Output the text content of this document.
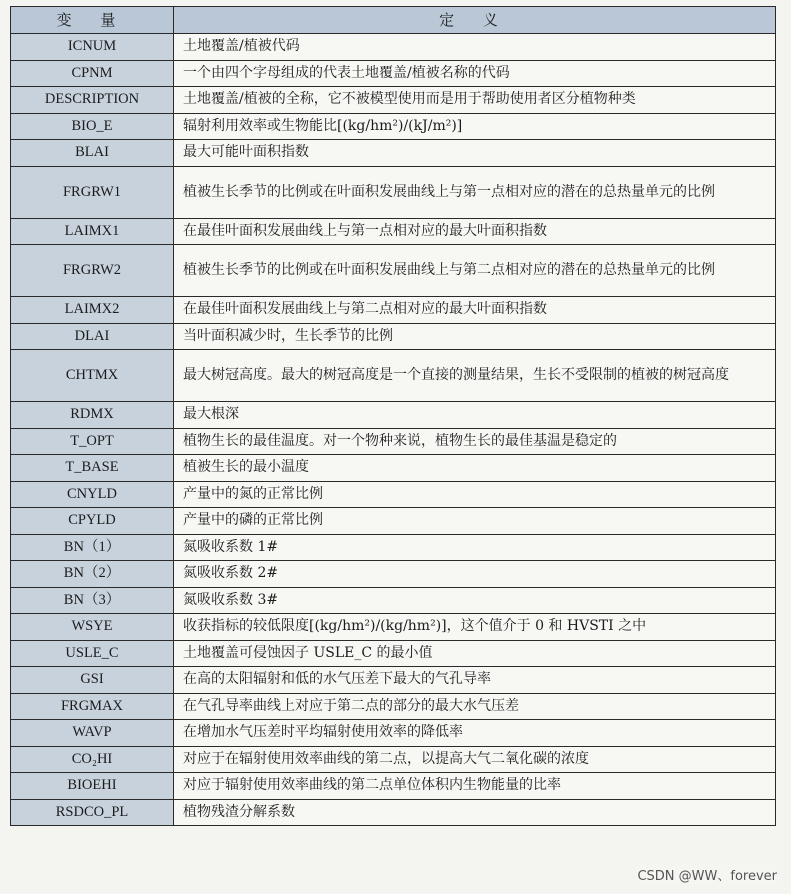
变 量	定 义
ICNUM	土地覆盖/植被代码
CPNM	一个由四个字母组成的代表土地覆盖/植被名称的代码
DESCRIPTION	土地覆盖/植被的全称，它不被模型使用而是用于帮助使用者区分植物种类
BIO_E	辐射利用效率或生物能比[(kg/hm²)/(kJ/m²)]
BLAI	最大可能叶面积指数
FRGRW1	植被生长季节的比例或在叶面积发展曲线上与第一点相对应的潜在的总热量单元的比例
LAIMX1	在最佳叶面积发展曲线上与第一点相对应的最大叶面积指数
FRGRW2	植被生长季节的比例或在叶面积发展曲线上与第二点相对应的潜在的总热量单元的比例
LAIMX2	在最佳叶面积发展曲线上与第二点相对应的最大叶面积指数
DLAI	当叶面积减少时，生长季节的比例
CHTMX	最大树冠高度。最大的树冠高度是一个直接的测量结果，生长不受限制的植被的树冠高度
RDMX	最大根深
T_OPT	植物生长的最佳温度。对一个物种来说，植物生长的最佳基温是稳定的
T_BASE	植被生长的最小温度
CNYLD	产量中的氮的正常比例
CPYLD	产量中的磷的正常比例
BN（1）	氮吸收系数 1#
BN（2）	氮吸收系数 2#
BN（3）	氮吸收系数 3#
WSYE	收获指标的较低限度[(kg/hm²)/(kg/hm²)]，这个值介于 0 和 HVSTI 之中
USLE_C	土地覆盖可侵蚀因子 USLE_C 的最小值
GSI	在高的太阳辐射和低的水气压差下最大的气孔导率
FRGMAX	在气孔导率曲线上对应于第二点的部分的最大水气压差
WAVP	在增加水气压差时平均辐射使用效率的降低率
CO₂HI	对应于在辐射使用效率曲线的第二点，以提高大气二氧化碳的浓度
BIOEHI	对应于辐射使用效率曲线的第二点单位体积内生物能量的比率
RSDCO_PL	植物残渣分解系数
CSDN @WW、forever
